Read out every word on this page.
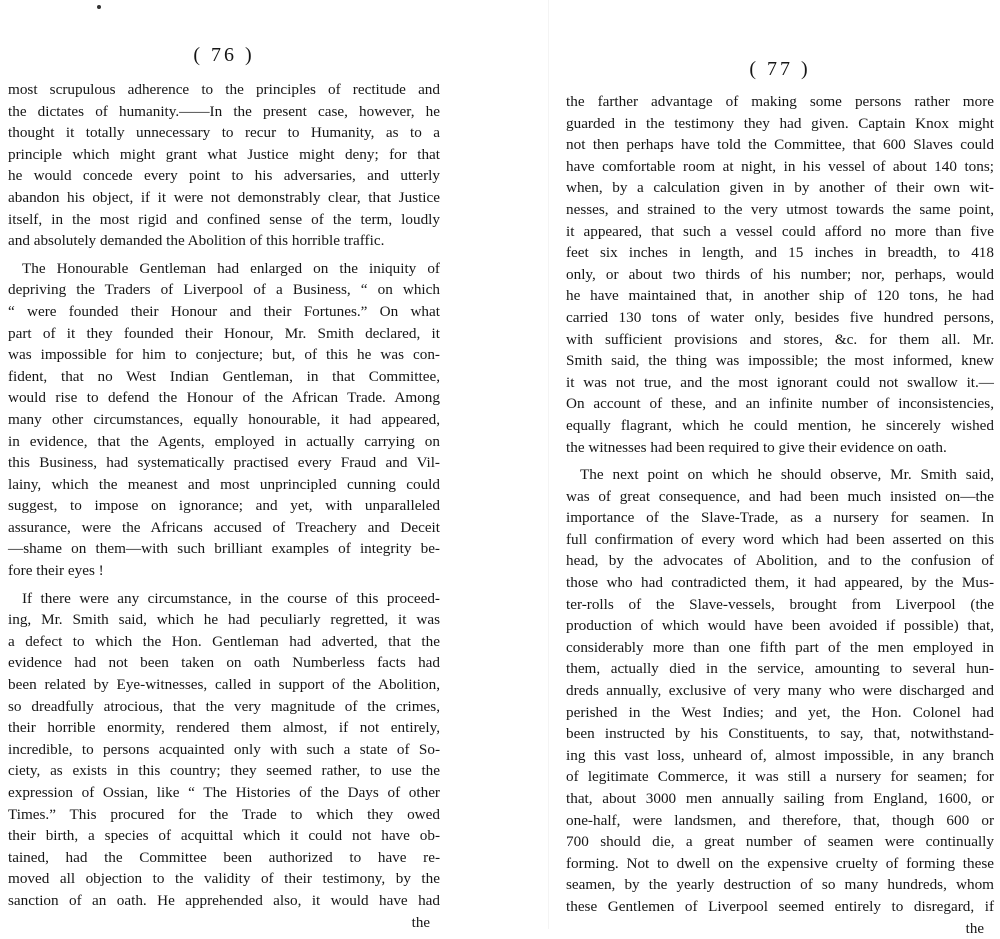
( 76 )
most scrupulous adherence to the principles of rectitude and
the dictates of humanity.——In the present case, however, he
thought it totally unnecessary to recur to Humanity, as to a
principle which might grant what Justice might deny; for that
he would concede every point to his adversaries, and utterly
abandon his object, if it were not demonstrably clear, that Justice
itself, in the most rigid and confined sense of the term, loudly
and absolutely demanded the Abolition of this horrible traffic.
The Honourable Gentleman had enlarged on the iniquity of
depriving the Traders of Liverpool of a Business, “ on which
“ were founded their Honour and their Fortunes.” On what
part of it they founded their Honour, Mr. Smith declared, it
was impossible for him to conjecture; but, of this he was con-
fident, that no West Indian Gentleman, in that Committee,
would rise to defend the Honour of the African Trade. Among
many other circumstances, equally honourable, it had appeared,
in evidence, that the Agents, employed in actually carrying on
this Business, had systematically practised every Fraud and Vil-
lainy, which the meanest and most unprincipled cunning could
suggest, to impose on ignorance; and yet, with unparalleled
assurance, were the Africans accused of Treachery and Deceit
—shame on them—with such brilliant examples of integrity be-
fore their eyes !
If there were any circumstance, in the course of this proceed-
ing, Mr. Smith said, which he had peculiarly regretted, it was
a defect to which the Hon. Gentleman had adverted, that the
evidence had not been taken on oath Numberless facts had
been related by Eye-witnesses, called in support of the Abolition,
so dreadfully atrocious, that the very magnitude of the crimes,
their horrible enormity, rendered them almost, if not entirely,
incredible, to persons acquainted only with such a state of So-
ciety, as exists in this country; they seemed rather, to use the
expression of Ossian, like “ The Histories of the Days of other
Times.” This procured for the Trade to which they owed
their birth, a species of acquittal which it could not have ob-
tained, had the Committee been authorized to have re-
moved all objection to the validity of their testimony, by the
sanction of an oath. He apprehended also, it would have had
the
( 77 )
the farther advantage of making some persons rather more
guarded in the testimony they had given. Captain Knox might
not then perhaps have told the Committee, that 600 Slaves could
have comfortable room at night, in his vessel of about 140 tons;
when, by a calculation given in by another of their own wit-
nesses, and strained to the very utmost towards the same point,
it appeared, that such a vessel could afford no more than five
feet six inches in length, and 15 inches in breadth, to 418
only, or about two thirds of his number; nor, perhaps, would
he have maintained that, in another ship of 120 tons, he had
carried 130 tons of water only, besides five hundred persons,
with sufficient provisions and stores, &c. for them all. Mr.
Smith said, the thing was impossible; the most informed, knew
it was not true, and the most ignorant could not swallow it.—
On account of these, and an infinite number of inconsistencies,
equally flagrant, which he could mention, he sincerely wished
the witnesses had been required to give their evidence on oath.
The next point on which he should observe, Mr. Smith said,
was of great consequence, and had been much insisted on—the
importance of the Slave-Trade, as a nursery for seamen. In
full confirmation of every word which had been asserted on this
head, by the advocates of Abolition, and to the confusion of
those who had contradicted them, it had appeared, by the Mus-
ter-rolls of the Slave-vessels, brought from Liverpool (the
production of which would have been avoided if possible) that,
considerably more than one fifth part of the men employed in
them, actually died in the service, amounting to several hun-
dreds annually, exclusive of very many who were discharged and
perished in the West Indies; and yet, the Hon. Colonel had
been instructed by his Constituents, to say, that, notwithstand-
ing this vast loss, unheard of, almost impossible, in any branch
of legitimate Commerce, it was still a nursery for seamen; for
that, about 3000 men annually sailing from England, 1600, or
one-half, were landsmen, and therefore, that, though 600 or
700 should die, a great number of seamen were continually
forming. Not to dwell on the expensive cruelty of forming these
seamen, by the yearly destruction of so many hundreds, whom
these Gentlemen of Liverpool seemed entirely to disregard, if
the
